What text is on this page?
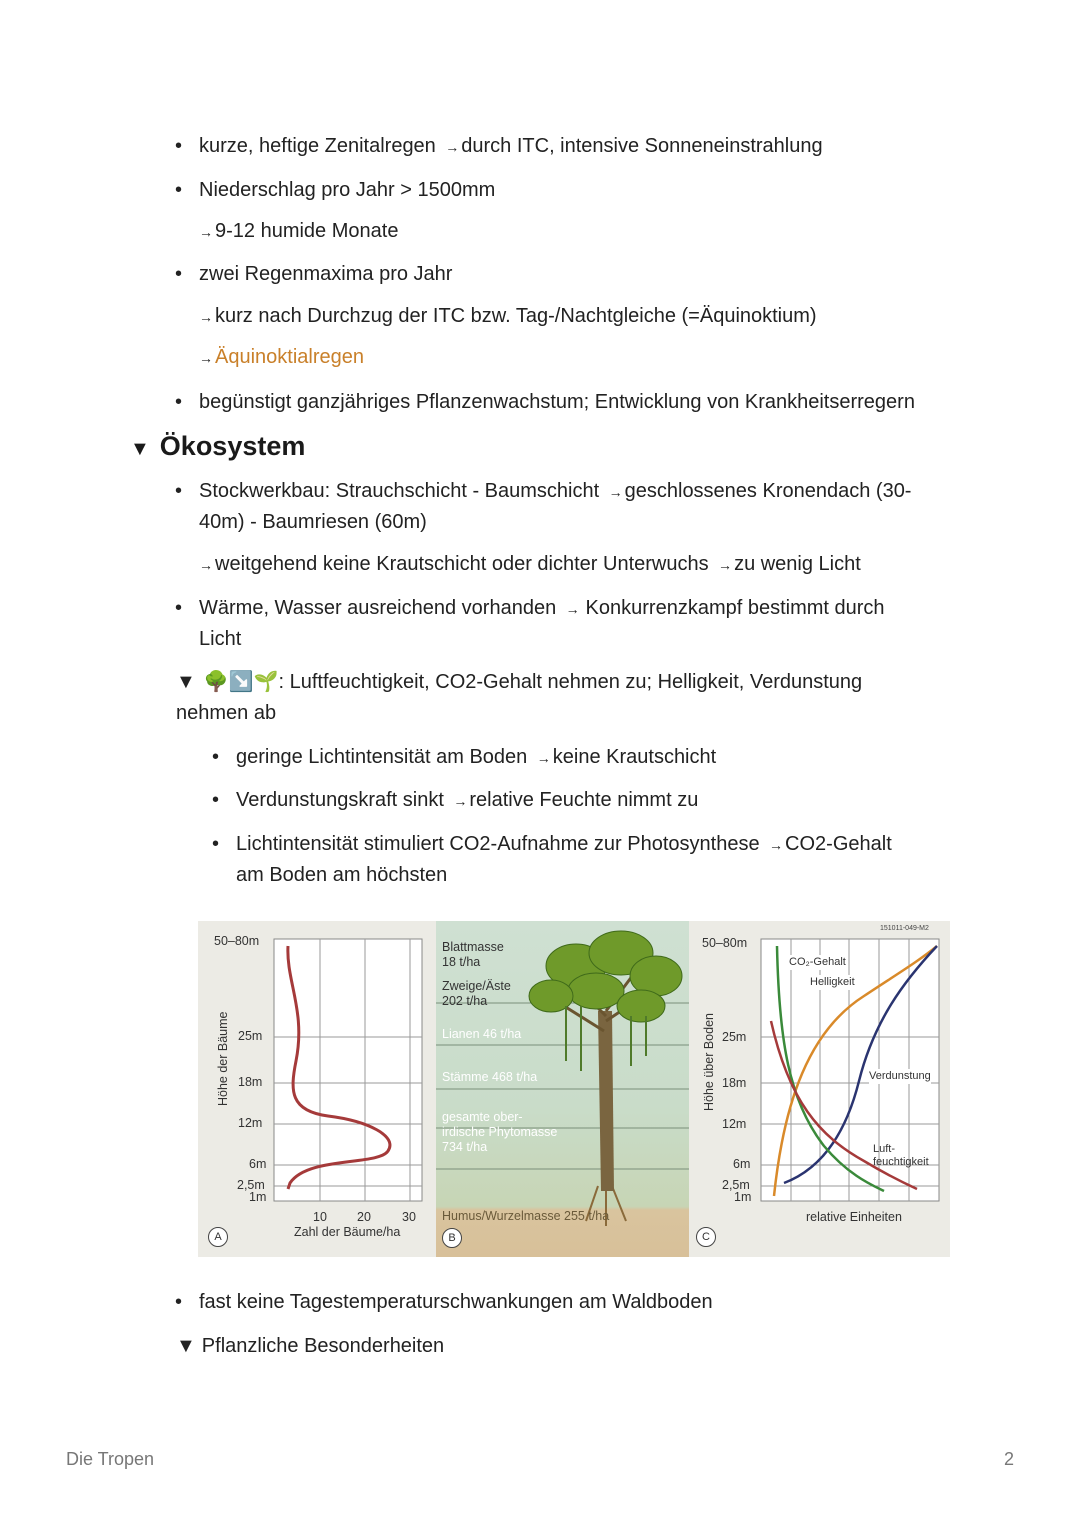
• kurze, heftige Zenitalregen  → durch ITC, intensive Sonneneinstrahlung
• Niederschlag pro Jahr > 1500mm
→ 9-12 humide Monate
• zwei Regenmaxima pro Jahr
→ kurz nach Durchzug der ITC bzw. Tag-/Nachtgleiche (=Äquinoktium)
→ Äquinoktialregen
• begünstigt ganzjähriges Pflanzenwachstum; Entwicklung von Krankheitserregern
▼ Ökosystem
• Stockwerkbau: Strauchschicht - Baumschicht  → geschlossenes Kronendach (30-
40m) - Baumriesen (60m)
→ weitgehend keine Krautschicht oder dichter Unterwuchs  → zu wenig Licht
• Wärme, Wasser ausreichend vorhanden  → Konkurrenzkampf bestimmt durch
Licht
▼ 🌳↘️🌱: Luftfeuchtigkeit, CO2-Gehalt nehmen zu; Helligkeit, Verdunstung
nehmen ab
• geringe Lichtintensität am Boden  → keine Krautschicht
• Verdunstungskraft sinkt  → relative Feuchte nimmt zu
• Lichtintensität stimuliert CO2-Aufnahme zur Photosynthese  → CO2-Gehalt
am Boden am höchsten
50–80m
25m
18m
12m
6m
2,5m
1m
Höhe der Bäume
10 20 30
Zahl der Bäume/ha
A
Blattmasse
18 t/ha
Zweige/Äste
202 t/ha
Lianen 46 t/ha
Stämme 468 t/ha
gesamte ober-
irdische Phytomasse
734 t/ha
Humus/Wurzelmasse 255 t/ha
B
151011-049-M2
50–80m
25m
18m
12m
6m
2,5m
1m
Höhe über Boden
CO₂-Gehalt
Helligkeit
Verdunstung
Luft-
feuchtigkeit
relative Einheiten
C
• fast keine Tagestemperaturschwankungen am Waldboden
▼ Pflanzliche Besonderheiten
Die Tropen	2
